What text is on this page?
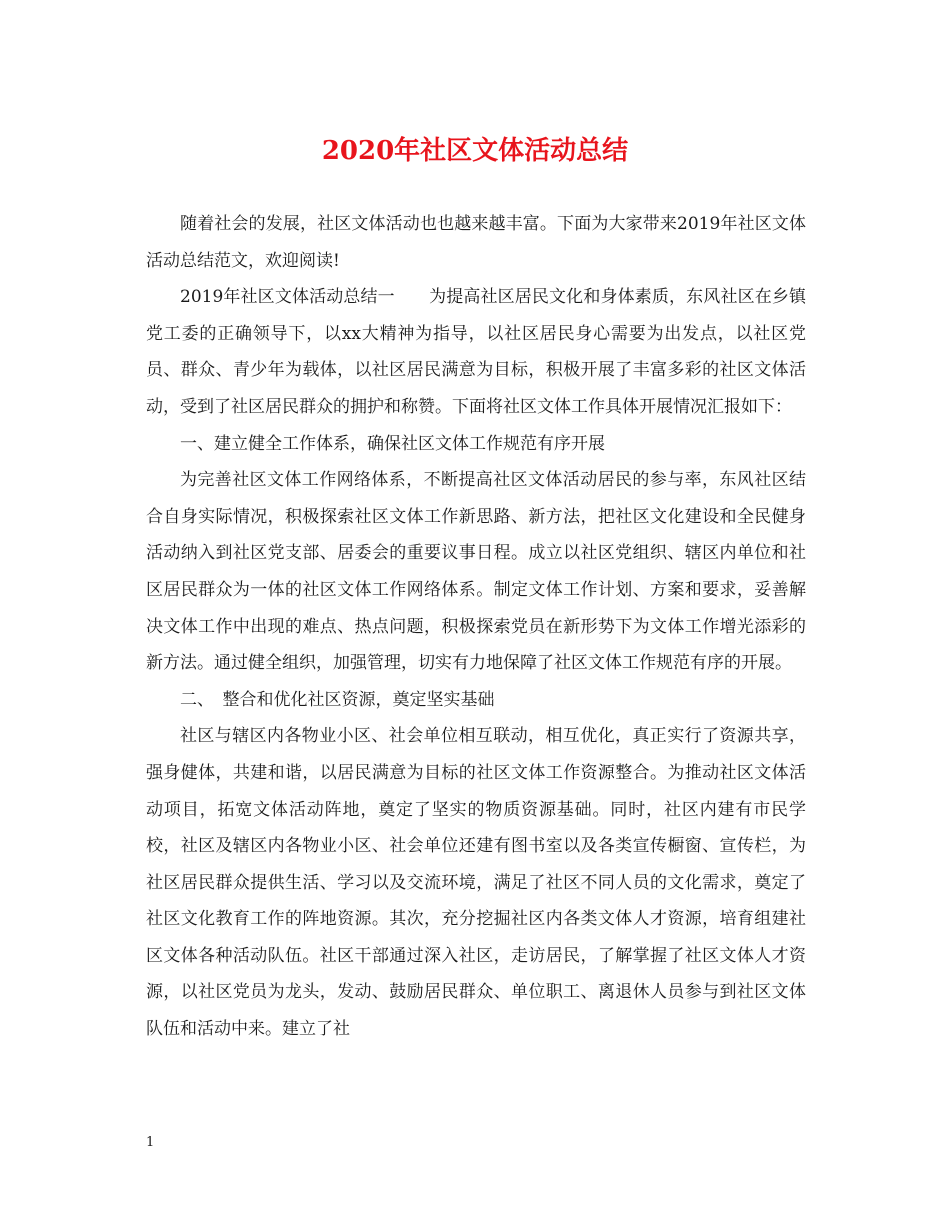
2020年社区文体活动总结

随着社会的发展，社区文体活动也也越来越丰富。下面为大家带来2019年社区文体活动总结范文，欢迎阅读!

2019年社区文体活动总结一　　为提高社区居民文化和身体素质，东风社区在乡镇党工委的正确领导下，以xx大精神为指导，以社区居民身心需要为出发点，以社区党员、群众、青少年为载体，以社区居民满意为目标，积极开展了丰富多彩的社区文体活动，受到了社区居民群众的拥护和称赞。下面将社区文体工作具体开展情况汇报如下：

一、建立健全工作体系，确保社区文体工作规范有序开展

为完善社区文体工作网络体系，不断提高社区文体活动居民的参与率，东风社区结合自身实际情况，积极探索社区文体工作新思路、新方法，把社区文化建设和全民健身活动纳入到社区党支部、居委会的重要议事日程。成立以社区党组织、辖区内单位和社区居民群众为一体的社区文体工作网络体系。制定文体工作计划、方案和要求，妥善解决文体工作中出现的难点、热点问题，积极探索党员在新形势下为文体工作增光添彩的新方法。通过健全组织，加强管理，切实有力地保障了社区文体工作规范有序的开展。

二、　整合和优化社区资源，奠定坚实基础

社区与辖区内各物业小区、社会单位相互联动，相互优化，真正实行了资源共享，强身健体，共建和谐，以居民满意为目标的社区文体工作资源整合。为推动社区文体活动项目，拓宽文体活动阵地，奠定了坚实的物质资源基础。同时，社区内建有市民学校，社区及辖区内各物业小区、社会单位还建有图书室以及各类宣传橱窗、宣传栏，为社区居民群众提供生活、学习以及交流环境，满足了社区不同人员的文化需求，奠定了社区文化教育工作的阵地资源。其次，充分挖掘社区内各类文体人才资源，培育组建社区文体各种活动队伍。社区干部通过深入社区，走访居民，了解掌握了社区文体人才资源，以社区党员为龙头，发动、鼓励居民群众、单位职工、离退休人员参与到社区文体队伍和活动中来。建立了社

1
